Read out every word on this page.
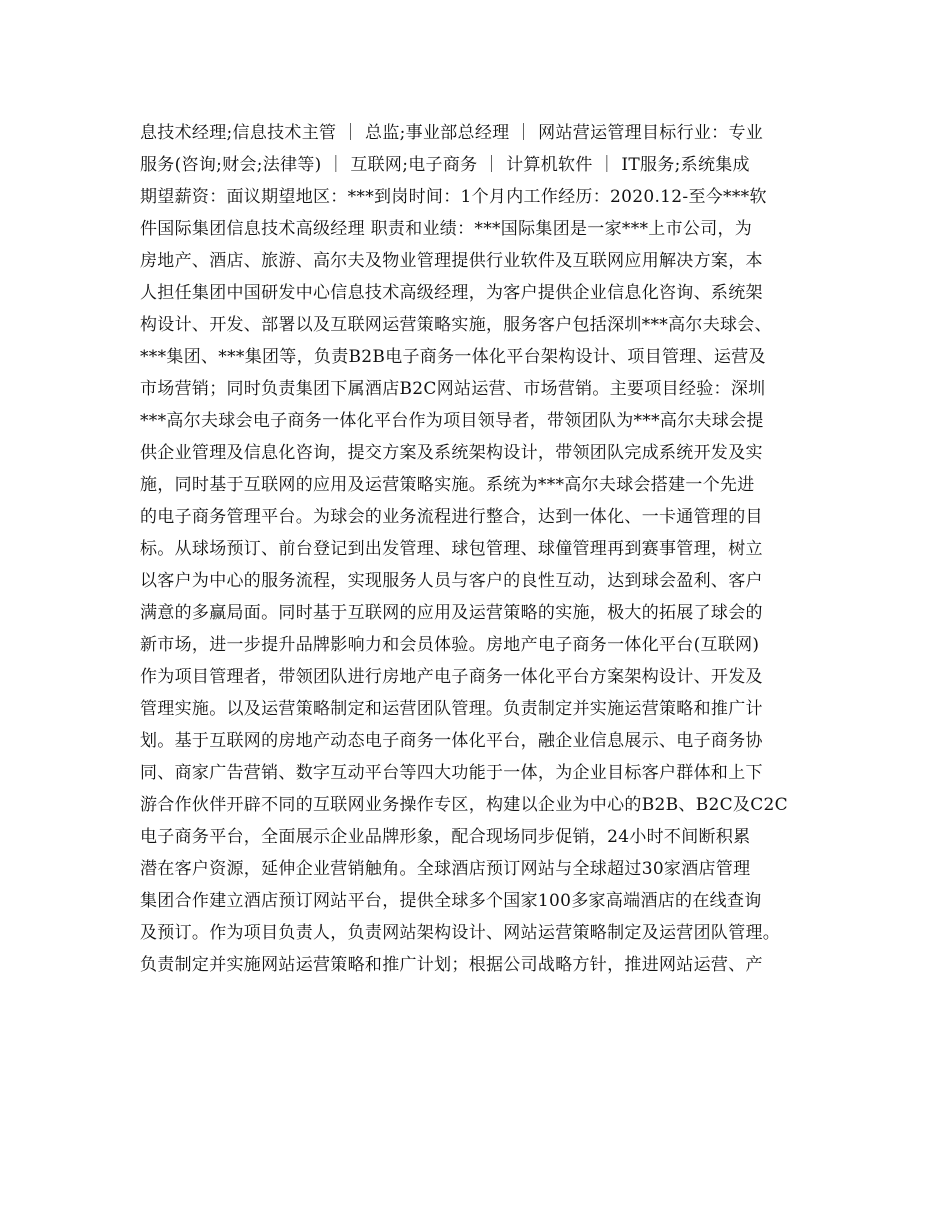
息技术经理;信息技术主管 ｜ 总监;事业部总经理 ｜ 网站营运管理目标行业：专业
服务(咨询;财会;法律等) ｜ 互联网;电子商务 ｜ 计算机软件 ｜ IT服务;系统集成
期望薪资：面议期望地区：***到岗时间：1个月内工作经历：2020.12-至今***软
件国际集团信息技术高级经理 职责和业绩：***国际集团是一家***上市公司，为
房地产、酒店、旅游、高尔夫及物业管理提供行业软件及互联网应用解决方案，本
人担任集团中国研发中心信息技术高级经理，为客户提供企业信息化咨询、系统架
构设计、开发、部署以及互联网运营策略实施，服务客户包括深圳***高尔夫球会、
***集团、***集团等，负责B2B电子商务一体化平台架构设计、项目管理、运营及
市场营销；同时负责集团下属酒店B2C网站运营、市场营销。主要项目经验：深圳
***高尔夫球会电子商务一体化平台作为项目领导者，带领团队为***高尔夫球会提
供企业管理及信息化咨询，提交方案及系统架构设计，带领团队完成系统开发及实
施，同时基于互联网的应用及运营策略实施。系统为***高尔夫球会搭建一个先进
的电子商务管理平台。为球会的业务流程进行整合，达到一体化、一卡通管理的目
标。从球场预订、前台登记到出发管理、球包管理、球僮管理再到赛事管理，树立
以客户为中心的服务流程，实现服务人员与客户的良性互动，达到球会盈利、客户
满意的多赢局面。同时基于互联网的应用及运营策略的实施，极大的拓展了球会的
新市场，进一步提升品牌影响力和会员体验。房地产电子商务一体化平台(互联网)
作为项目管理者，带领团队进行房地产电子商务一体化平台方案架构设计、开发及
管理实施。以及运营策略制定和运营团队管理。负责制定并实施运营策略和推广计
划。基于互联网的房地产动态电子商务一体化平台，融企业信息展示、电子商务协
同、商家广告营销、数字互动平台等四大功能于一体，为企业目标客户群体和上下
游合作伙伴开辟不同的互联网业务操作专区，构建以企业为中心的B2B、B2C及C2C
电子商务平台，全面展示企业品牌形象，配合现场同步促销，24小时不间断积累
潜在客户资源，延伸企业营销触角。全球酒店预订网站与全球超过30家酒店管理
集团合作建立酒店预订网站平台，提供全球多个国家100多家高端酒店的在线查询
及预订。作为项目负责人，负责网站架构设计、网站运营策略制定及运营团队管理。
负责制定并实施网站运营策略和推广计划；根据公司战略方针，推进网站运营、产
